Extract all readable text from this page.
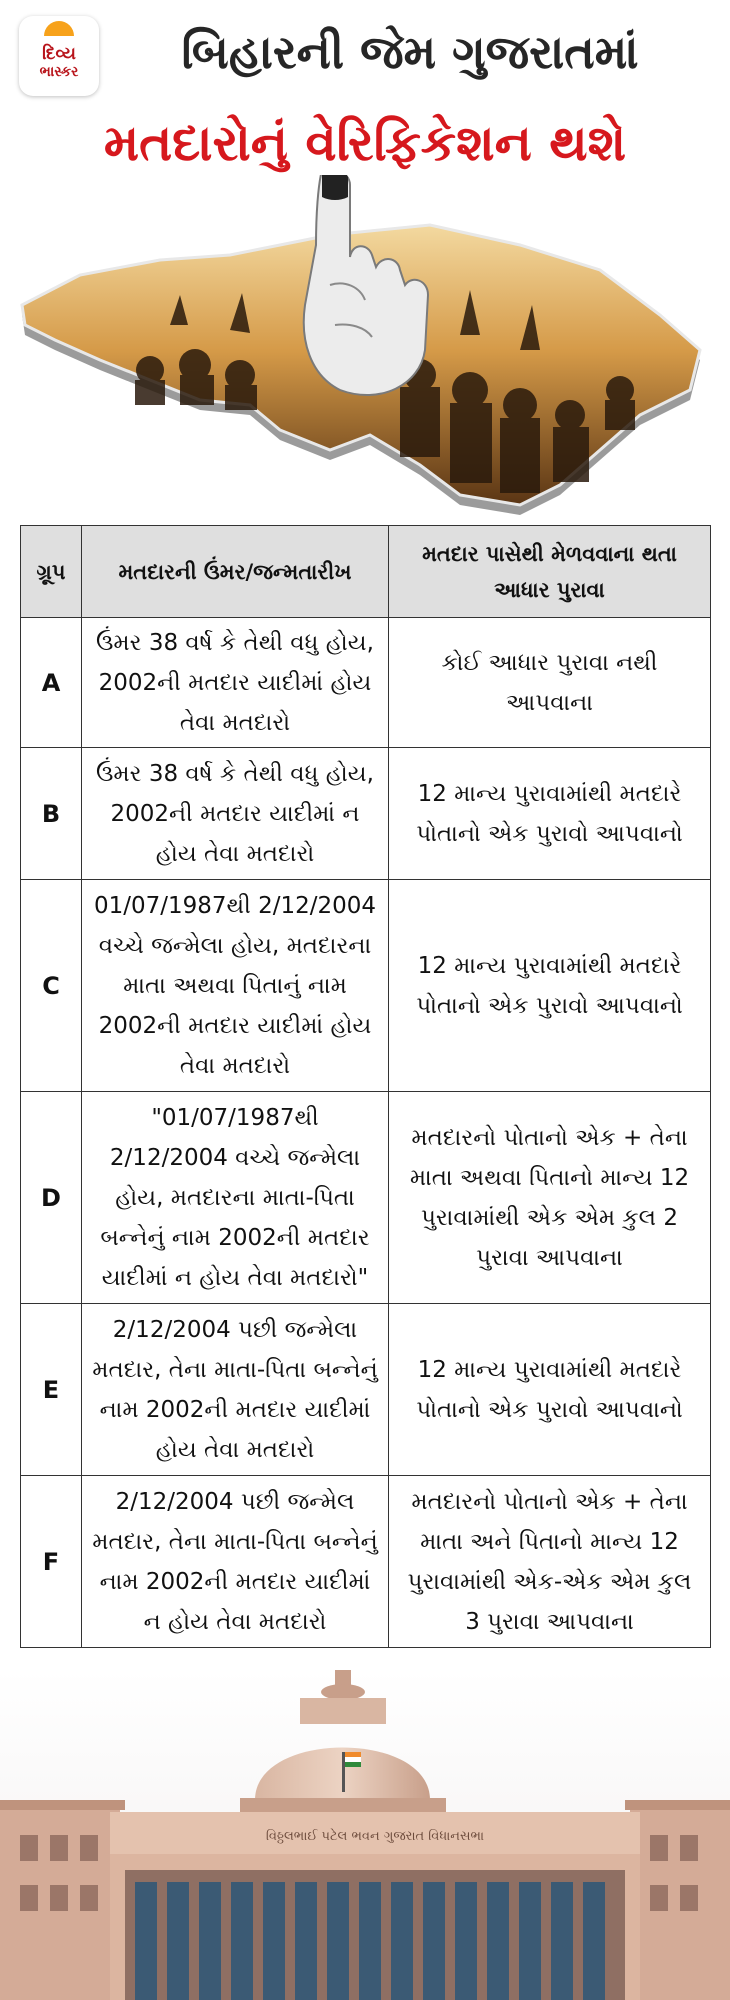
દિવ્ય
ભાસ્કર	બિહારની જેમ ગુજરાતમાં
મતદારોનું વેરિફિકેશન થશે
ગ્રૂપ	મતદારની ઉંમર/જન્મતારીખ	મતદાર પાસેથી મેળવવાના થતા આધાર પુરાવા
A	ઉંમર 38 વર્ષ કે તેથી વધુ હોય, 2002ની મતદાર યાદીમાં હોય તેવા મતદારો	કોઈ આધાર પુરાવા નથી આપવાના
B	ઉંમર 38 વર્ષ કે તેથી વધુ હોય, 2002ની મતદાર યાદીમાં ન હોય તેવા મતદારો	12 માન્ય પુરાવામાંથી મતદારે પોતાનો એક પુરાવો આપવાનો
C	01/07/1987થી 2/12/2004 વચ્ચે જન્મેલા હોય, મતદારના માતા અથવા પિતાનું નામ 2002ની મતદાર યાદીમાં હોય તેવા મતદારો	12 માન્ય પુરાવામાંથી મતદારે પોતાનો એક પુરાવો આપવાનો
D	"01/07/1987થી 2/12/2004 વચ્ચે જન્મેલા હોય, મતદારના માતા-પિતા બન્નેનું નામ 2002ની મતદાર યાદીમાં ન હોય તેવા મતદારો"	મતદારનો પોતાનો એક + તેના માતા અથવા પિતાનો માન્ય 12 પુરાવામાંથી એક એમ કુલ 2 પુરાવા આપવાના
E	2/12/2004 પછી જન્મેલા મતદાર, તેના માતા-પિતા બન્નેનું નામ 2002ની મતદાર યાદીમાં હોય તેવા મતદારો	12 માન્ય પુરાવામાંથી મતદારે પોતાનો એક પુરાવો આપવાનો
F	2/12/2004 પછી જન્મેલ મતદાર, તેના માતા-પિતા બન્નેનું નામ 2002ની મતદાર યાદીમાં ન હોય તેવા મતદારો	મતદારનો પોતાનો એક + તેના માતા અને પિતાનો માન્ય 12 પુરાવામાંથી એક-એક એમ કુલ 3 પુરાવા આપવાના
વિઠ્ઠલભાઈ પટેલ ભવન ગુજરાત વિધાનસભા
